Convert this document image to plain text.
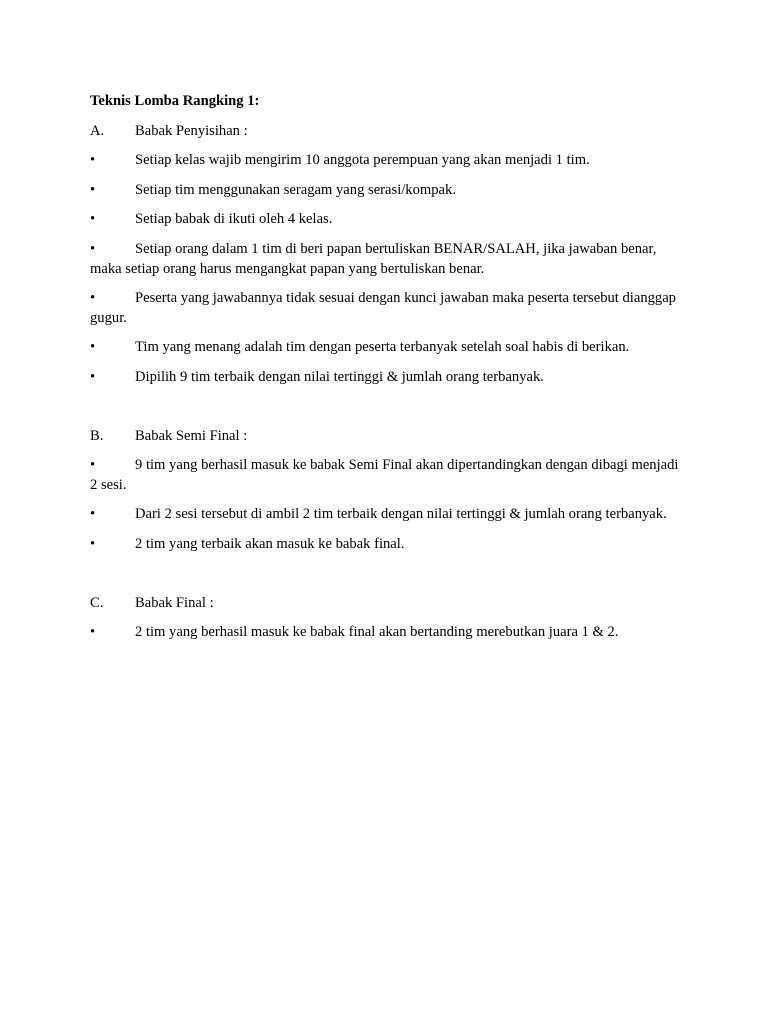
Teknis Lomba Rangking 1:
A. Babak Penyisihan :
•	Setiap kelas wajib mengirim 10 anggota perempuan yang akan menjadi 1 tim.
•	Setiap tim menggunakan seragam yang serasi/kompak.
•	Setiap babak di ikuti oleh 4 kelas.
•	Setiap orang dalam 1 tim di beri papan bertuliskan BENAR/SALAH, jika jawaban benar, maka setiap orang harus mengangkat papan yang bertuliskan benar.
•	Peserta yang jawabannya tidak sesuai dengan kunci jawaban maka peserta tersebut dianggap gugur.
•	Tim yang menang adalah tim dengan peserta terbanyak setelah soal habis di berikan.
•	Dipilih 9 tim terbaik dengan nilai tertinggi & jumlah orang terbanyak.
B. Babak Semi Final :
•	9 tim yang berhasil masuk ke babak Semi Final akan dipertandingkan dengan dibagi menjadi 2 sesi.
•	Dari 2 sesi tersebut di ambil 2 tim terbaik dengan nilai tertinggi & jumlah orang terbanyak.
•	2 tim yang terbaik akan masuk ke babak final.
C. Babak Final :
•	2 tim yang berhasil masuk ke babak final akan bertanding merebutkan juara 1 & 2.
